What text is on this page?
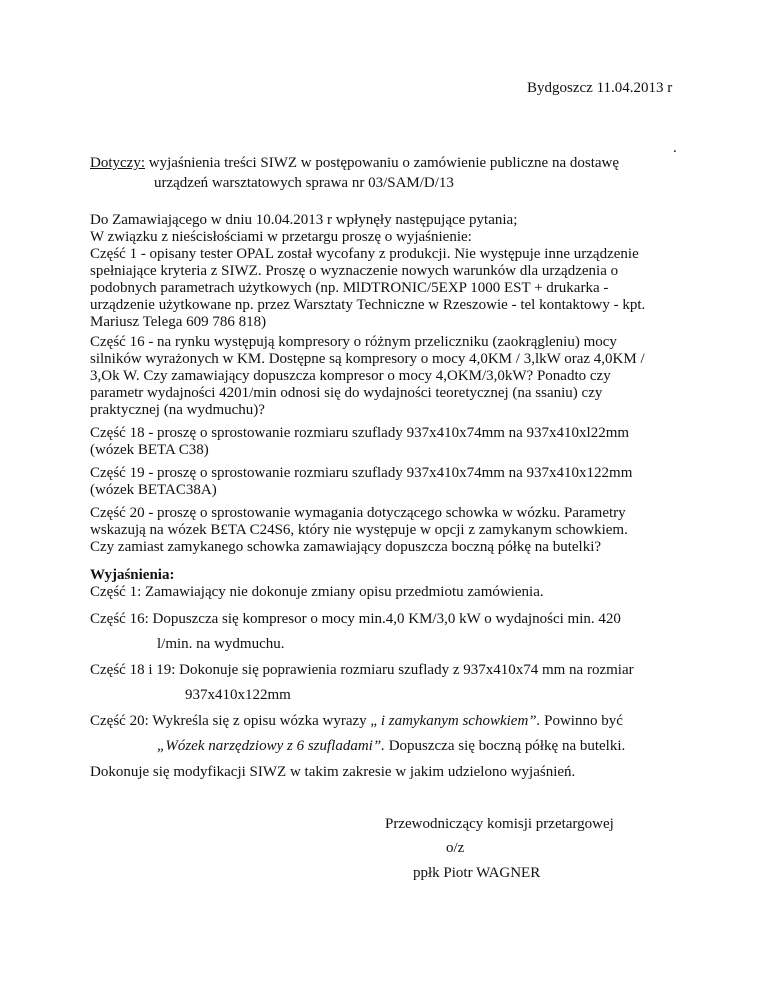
Bydgoszcz 11.04.2013 r
.
Dotyczy: wyjaśnienia treści SIWZ w postępowaniu o zamówienie publiczne na dostawę
urządzeń warsztatowych sprawa nr 03/SAM/D/13
Do Zamawiającego w dniu 10.04.2013 r wpłynęły następujące pytania;
W związku z nieścisłościami w przetargu proszę o wyjaśnienie:
Część 1 - opisany tester OPAL został wycofany z produkcji. Nie występuje inne urządzenie
spełniające kryteria z SIWZ. Proszę o wyznaczenie nowych warunków dla urządzenia o
podobnych parametrach użytkowych (np. MlDTRONIC/5EXP 1000 EST + drukarka -
urządzenie użytkowane np. przez Warsztaty Techniczne w Rzeszowie - tel kontaktowy - kpt.
Mariusz Telega 609 786 818)
Część 16 - na rynku występują kompresory o różnym przeliczniku (zaokrągleniu) mocy
silników wyrażonych w KM. Dostępne są kompresory o mocy 4,0KM / 3,lkW oraz 4,0KM /
3,Ok W. Czy zamawiający dopuszcza kompresor o mocy 4,OKM/3,0kW? Ponadto czy
parametr wydajności 4201/min odnosi się do wydajności teoretycznej (na ssaniu) czy
praktycznej (na wydmuchu)?
Część 18 - proszę o sprostowanie rozmiaru szuflady 937x410x74mm na 937x410xl22mm
(wózek BETA C38)
Część 19 - proszę o sprostowanie rozmiaru szuflady 937x410x74mm na 937x410x122mm
(wózek BETAC38A)
Część 20 - proszę o sprostowanie wymagania dotyczącego schowka w wózku. Parametry
wskazują na wózek B£TA C24S6, który nie występuje w opcji z zamykanym schowkiem.
Czy zamiast zamykanego schowka zamawiający dopuszcza boczną półkę na butelki?
Wyjaśnienia:
Część 1: Zamawiający nie dokonuje zmiany opisu przedmiotu zamówienia.
Część 16: Dopuszcza się kompresor o mocy min.4,0 KM/3,0 kW o wydajności min. 420
l/min. na wydmuchu.
Część 18 i 19: Dokonuje się poprawienia rozmiaru szuflady z 937x410x74 mm na rozmiar
937x410x122mm
Część 20: Wykreśla się z opisu wózka wyrazy „ i zamykanym schowkiem”. Powinno być
„Wózek narzędziowy z 6 szufladami”. Dopuszcza się boczną półkę na butelki.
Dokonuje się modyfikacji SIWZ w takim zakresie w jakim udzielono wyjaśnień.
Przewodniczący komisji przetargowej
o/z
ppłk Piotr WAGNER
